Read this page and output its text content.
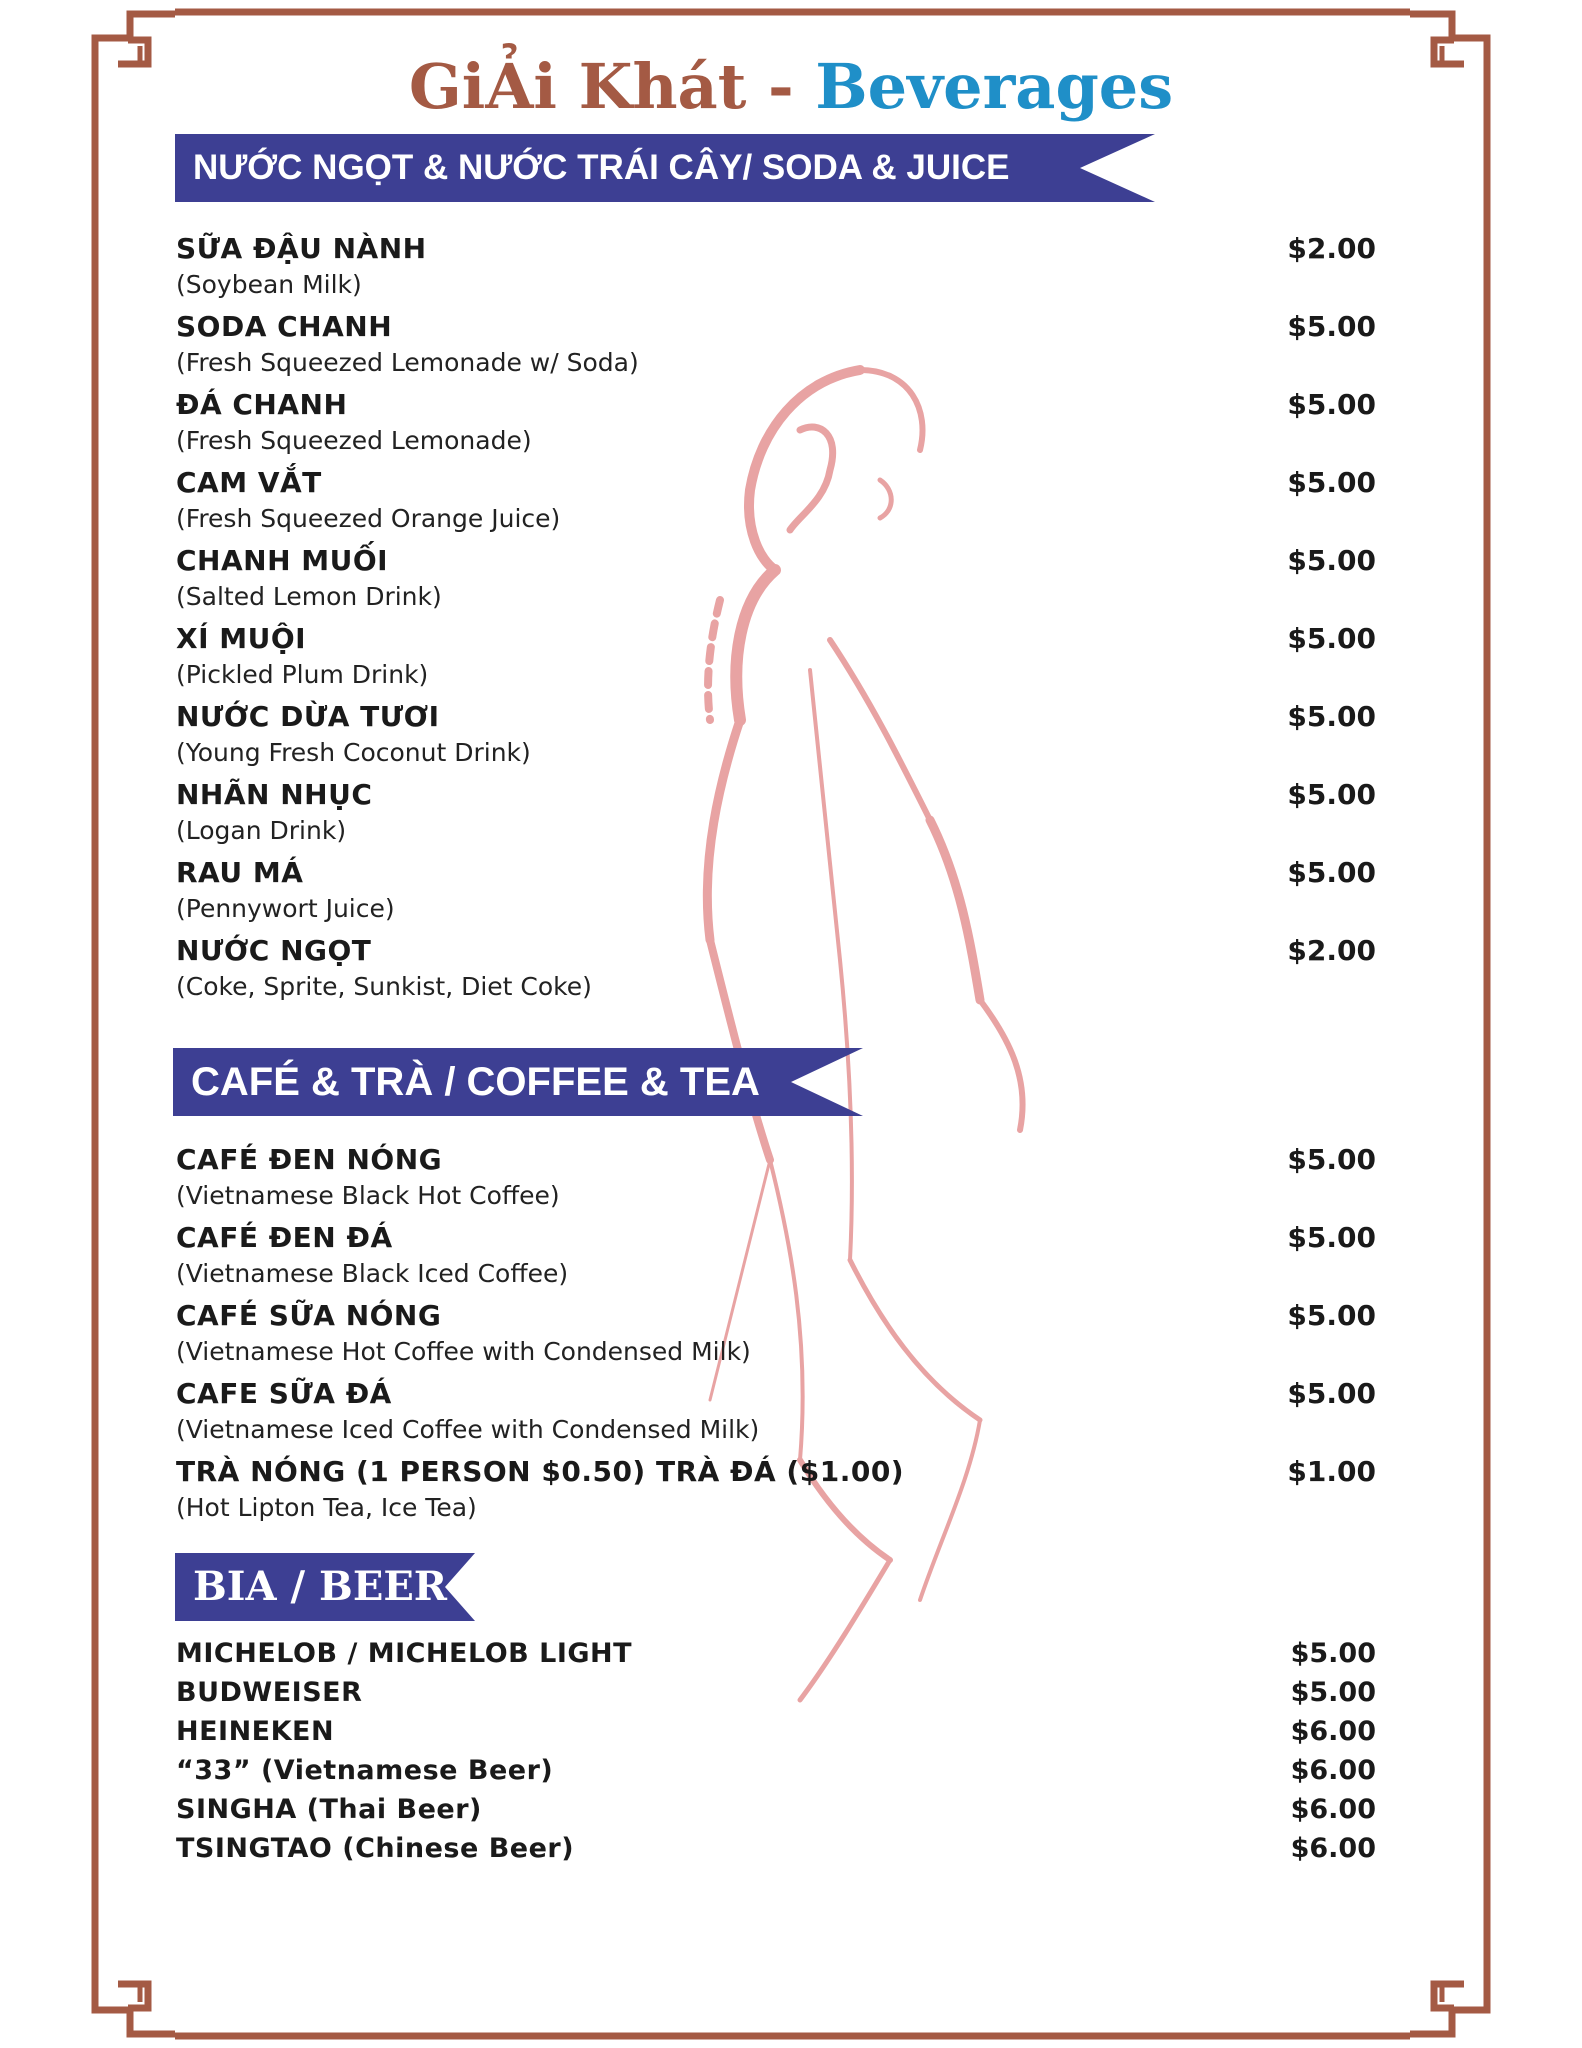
GiẢi Khát - Beverages
NƯỚC NGỌT & NƯỚC TRÁI CÂY/ SODA & JUICE
SỮA ĐẬU NÀNH
(Soybean Milk)
$2.00
SODA CHANH
(Fresh Squeezed Lemonade w/ Soda)
$5.00
ĐÁ CHANH
(Fresh Squeezed Lemonade)
$5.00
CAM VẮT
(Fresh Squeezed Orange Juice)
$5.00
CHANH MUỐI
(Salted Lemon Drink)
$5.00
XÍ MUỘI
(Pickled Plum Drink)
$5.00
NƯỚC DỪA TƯƠI
(Young Fresh Coconut Drink)
$5.00
NHÃN NHỤC
(Logan Drink)
$5.00
RAU MÁ
(Pennywort Juice)
$5.00
NƯỚC NGỌT
(Coke, Sprite, Sunkist, Diet Coke)
$2.00
CAFÉ & TRÀ / COFFEE & TEA
CAFÉ ĐEN NÓNG
(Vietnamese Black Hot Coffee)
$5.00
CAFÉ ĐEN ĐÁ
(Vietnamese Black Iced Coffee)
$5.00
CAFÉ SỮA NÓNG
(Vietnamese Hot Coffee with Condensed Milk)
$5.00
CAFE SỮA ĐÁ
(Vietnamese Iced Coffee with Condensed Milk)
$5.00
TRÀ NÓNG (1 PERSON $0.50) TRÀ ĐÁ ($1.00)
(Hot Lipton Tea, Ice Tea)
$1.00
BIA / BEER
MICHELOB / MICHELOB LIGHT	$5.00
BUDWEISER	$5.00
HEINEKEN	$6.00
“33” (Vietnamese Beer)	$6.00
SINGHA (Thai Beer)	$6.00
TSINGTAO (Chinese Beer)	$6.00
